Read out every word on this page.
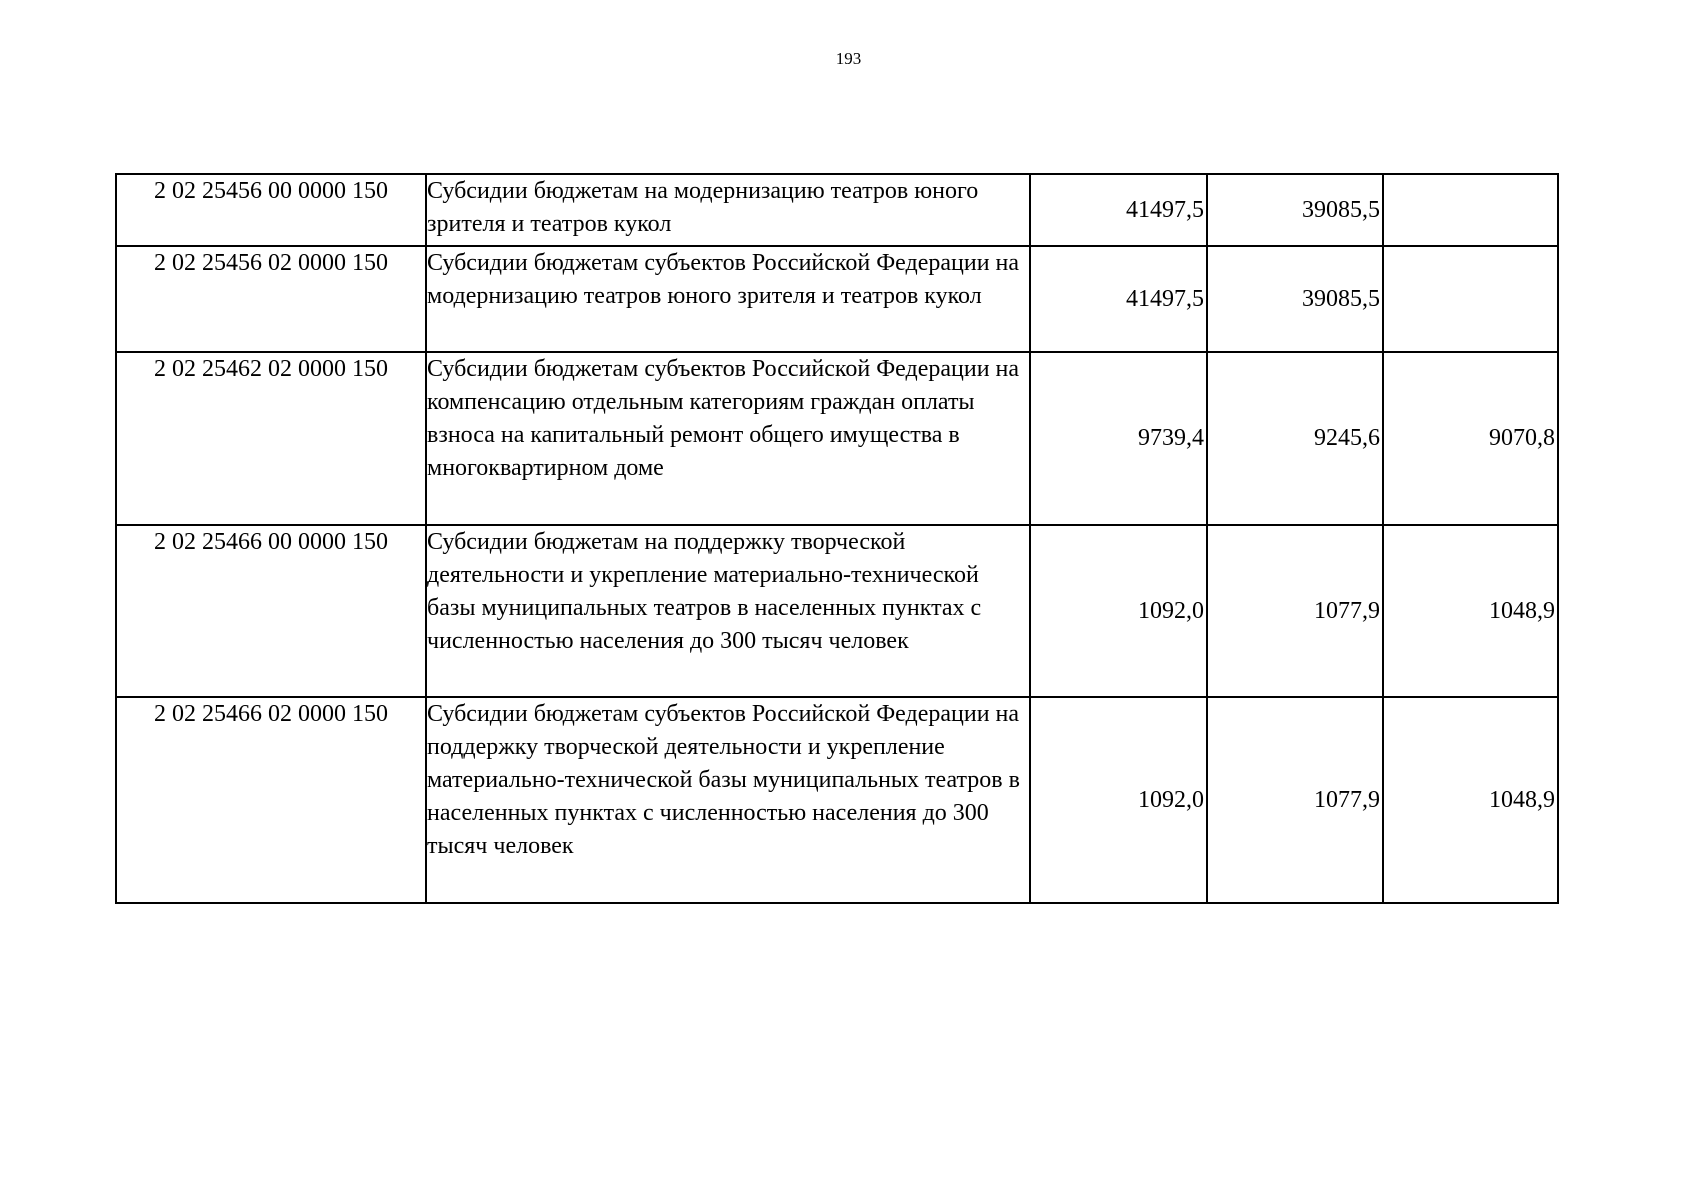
193
2 02 25456 00 0000 150	Субсидии бюджетам на модернизацию театров юного зрителя и театров кукол	41497,5	39085,5	
2 02 25456 02 0000 150	Субсидии бюджетам субъектов Российской Федерации на модернизацию театров юного зрителя и театров кукол	41497,5	39085,5	
2 02 25462 02 0000 150	Субсидии бюджетам субъектов Российской Федерации на компенсацию отдельным категориям граждан оплаты взноса на капитальный ремонт общего имущества в многоквартирном доме	9739,4	9245,6	9070,8
2 02 25466 00 0000 150	Субсидии бюджетам на поддержку творческой деятельности и укрепление материально-технической базы муниципальных театров в населенных пунктах с численностью населения до 300 тысяч человек	1092,0	1077,9	1048,9
2 02 25466 02 0000 150	Субсидии бюджетам субъектов Российской Федерации на поддержку творческой деятельности и укрепление материально-технической базы муниципальных театров в населенных пунктах с численностью населения до 300 тысяч человек	1092,0	1077,9	1048,9
